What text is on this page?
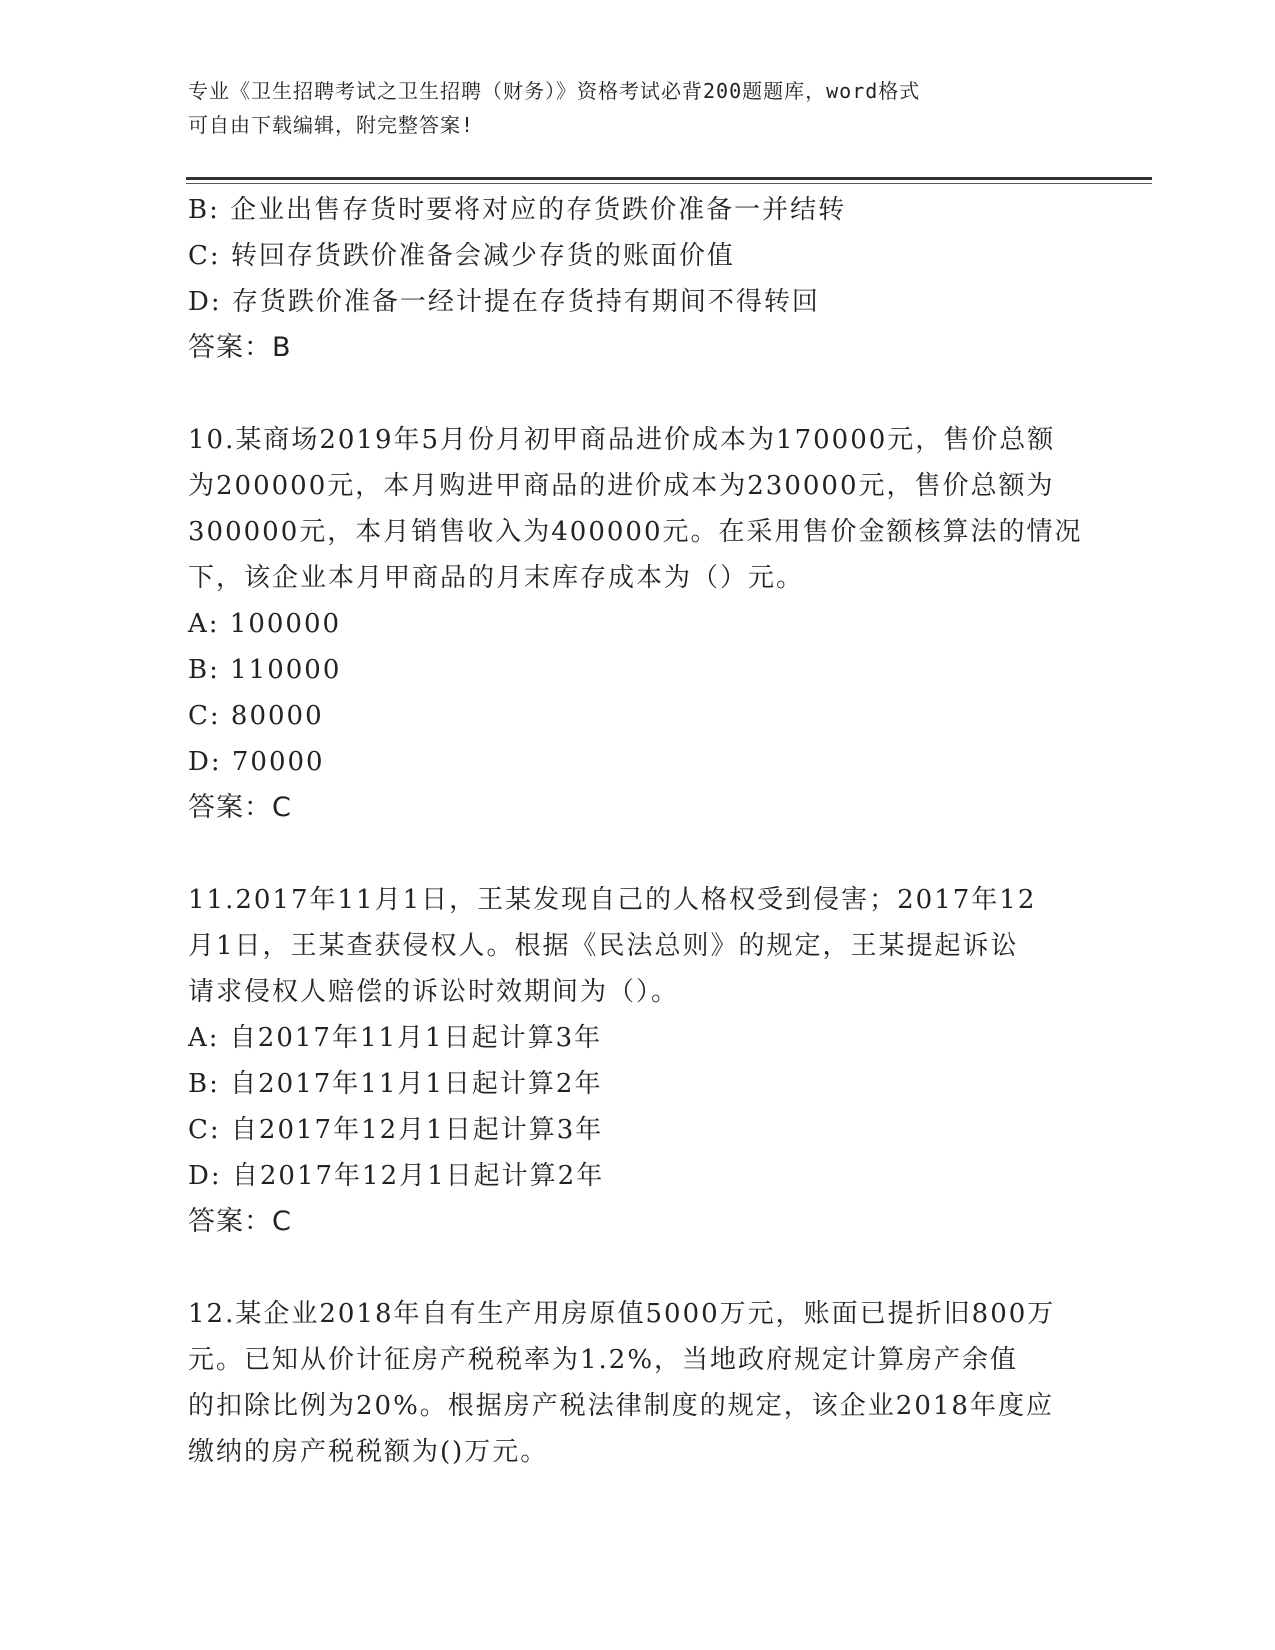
专业《卫生招聘考试之卫生招聘（财务）》资格考试必背200题题库，word格式
可自由下载编辑，附完整答案!
B: 企业出售存货时要将对应的存货跌价准备一并结转
C: 转回存货跌价准备会减少存货的账面价值
D: 存货跌价准备一经计提在存货持有期间不得转回
答案：B
10.某商场2019年5月份月初甲商品进价成本为170000元，售价总额
为200000元，本月购进甲商品的进价成本为230000元，售价总额为
300000元，本月销售收入为400000元。在采用售价金额核算法的情况
下，该企业本月甲商品的月末库存成本为（）元。
A: 100000
B: 110000
C: 80000
D: 70000
答案：C
11.2017年11月1日，王某发现自己的人格权受到侵害；2017年12
月1日，王某查获侵权人。根据《民法总则》的规定，王某提起诉讼
请求侵权人赔偿的诉讼时效期间为（）。
A: 自2017年11月1日起计算3年
B: 自2017年11月1日起计算2年
C: 自2017年12月1日起计算3年
D: 自2017年12月1日起计算2年
答案：C
12.某企业2018年自有生产用房原值5000万元，账面已提折旧800万
元。已知从价计征房产税税率为1.2%，当地政府规定计算房产余值
的扣除比例为20%。根据房产税法律制度的规定，该企业2018年度应
缴纳的房产税税额为()万元。
